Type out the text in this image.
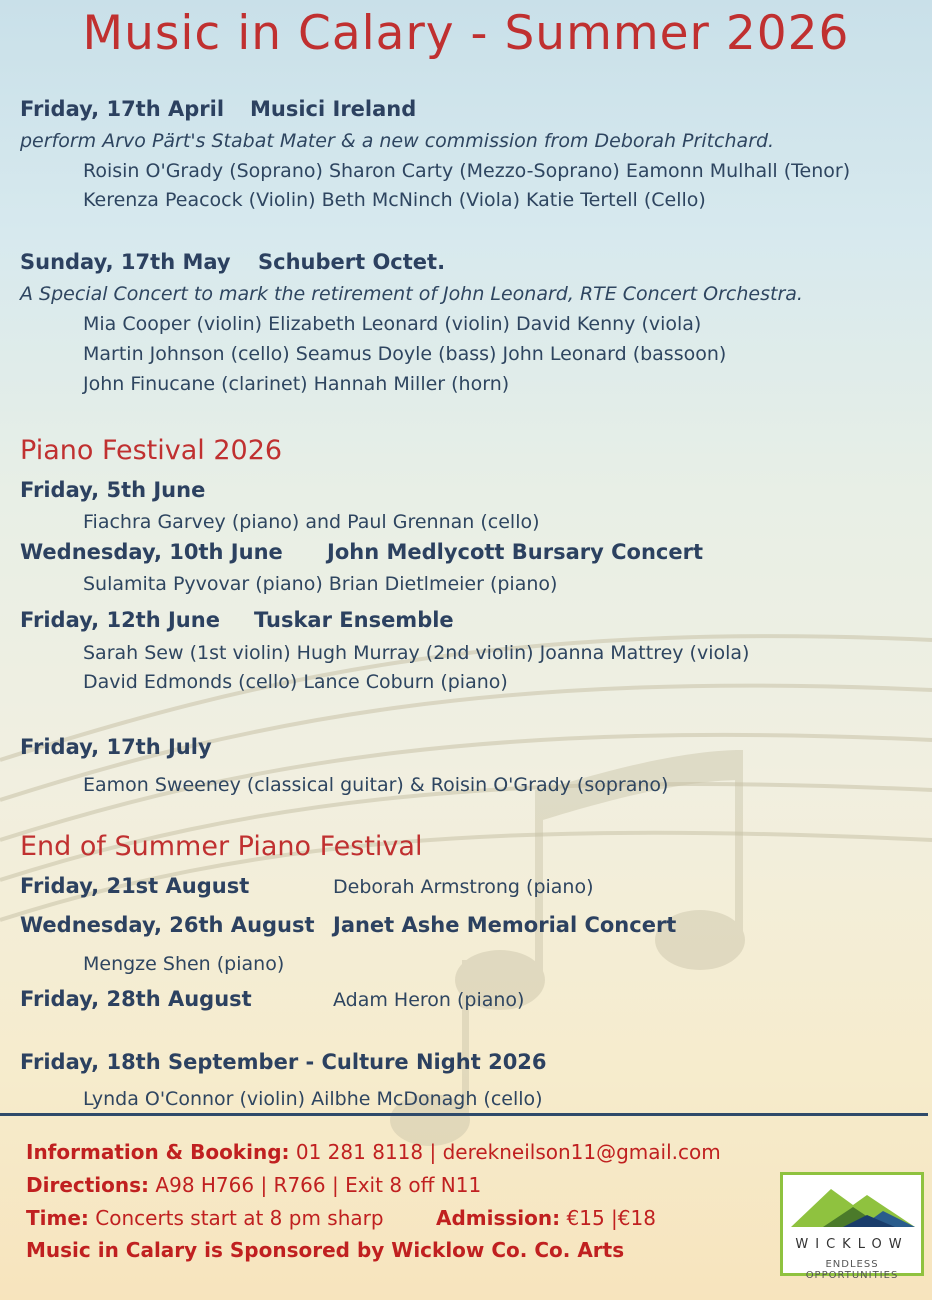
Music in Calary - Summer 2026
Friday, 17th April Musici Ireland
perform Arvo Pärt's Stabat Mater & a new commission from Deborah Pritchard.
Roisin O'Grady (Soprano) Sharon Carty (Mezzo-Soprano) Eamonn Mulhall (Tenor)
Kerenza Peacock (Violin) Beth McNinch (Viola) Katie Tertell (Cello)
Sunday, 17th May Schubert Octet.
A Special Concert to mark the retirement of John Leonard, RTE Concert Orchestra.
Mia Cooper (violin) Elizabeth Leonard (violin) David Kenny (viola)
Martin Johnson (cello) Seamus Doyle (bass) John Leonard (bassoon)
John Finucane (clarinet) Hannah Miller (horn)
Piano Festival 2026
Friday, 5th June
Fiachra Garvey (piano) and Paul Grennan (cello)
Wednesday, 10th June John Medlycott Bursary Concert
Sulamita Pyvovar (piano) Brian Dietlmeier (piano)
Friday, 12th June Tuskar Ensemble
Sarah Sew (1st violin) Hugh Murray (2nd violin) Joanna Mattrey (viola)
David Edmonds (cello) Lance Coburn (piano)
Friday, 17th July
Eamon Sweeney (classical guitar) & Roisin O'Grady (soprano)
End of Summer Piano Festival
Friday, 21st August	Deborah Armstrong (piano)
Wednesday, 26th August Janet Ashe Memorial Concert
Mengze Shen (piano)
Friday, 28th August	Adam Heron (piano)
Friday, 18th September - Culture Night 2026
Lynda O'Connor (violin) Ailbhe McDonagh (cello)
Information & Booking: 01 281 8118 | derekneilson11@gmail.com
Directions: A98 H766 | R766 | Exit 8 off N11
Time: Concerts start at 8 pm sharp	Admission: €15 |€18
Music in Calary is Sponsored by Wicklow Co. Co. Arts	WICKLOW
ENDLESS OPPORTUNITIES
